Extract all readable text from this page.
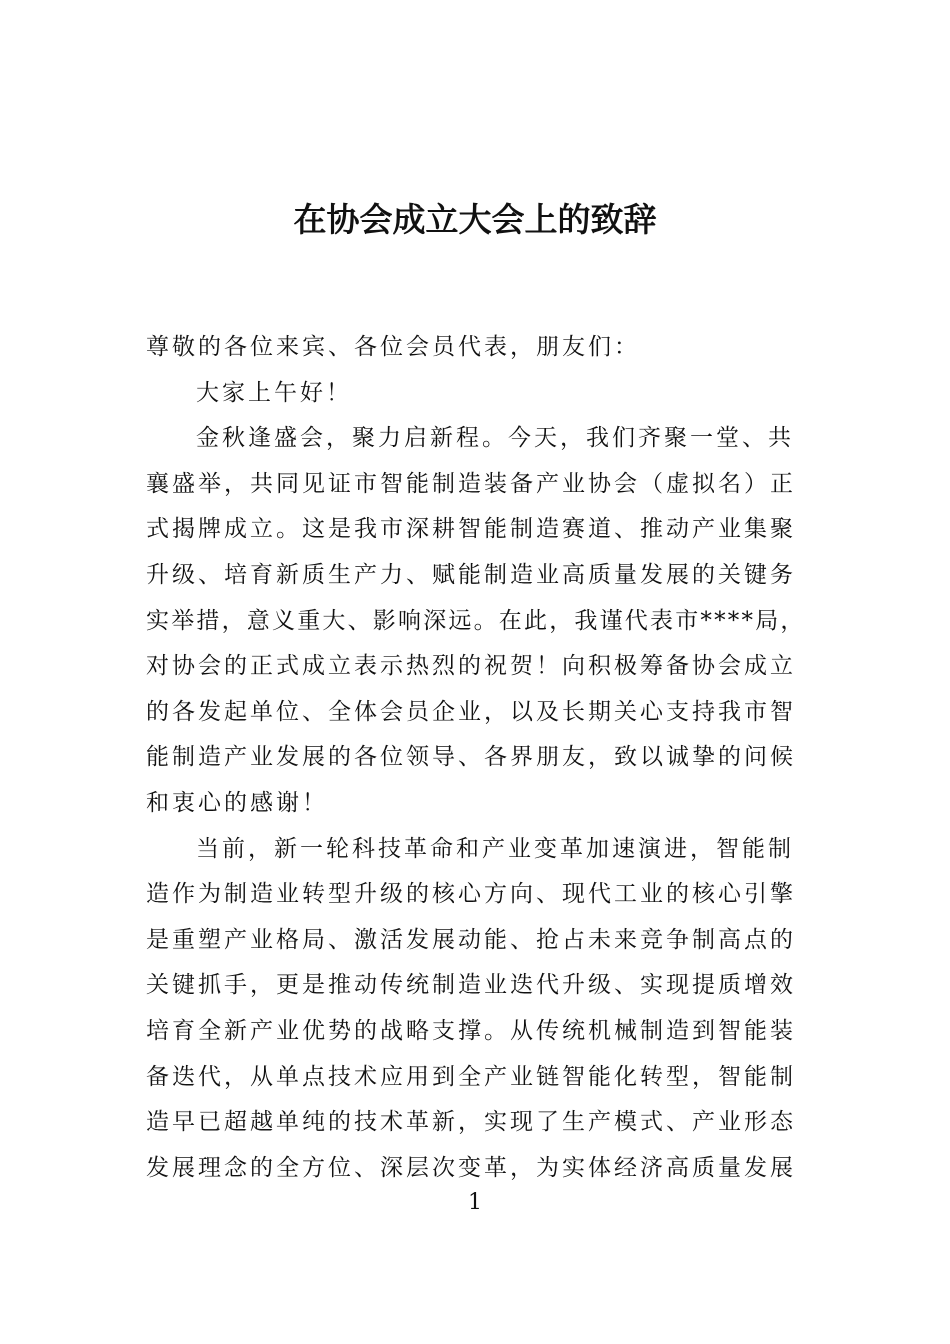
在协会成立大会上的致辞
尊敬的各位来宾、各位会员代表，朋友们：
大家上午好！
金秋逢盛会，聚力启新程。今天，我们齐聚一堂、共
襄盛举，共同见证市智能制造装备产业协会（虚拟名）正
式揭牌成立。这是我市深耕智能制造赛道、推动产业集聚
升级、培育新质生产力、赋能制造业高质量发展的关键务
实举措，意义重大、影响深远。在此，我谨代表市****局，
对协会的正式成立表示热烈的祝贺！向积极筹备协会成立
的各发起单位、全体会员企业，以及长期关心支持我市智
能制造产业发展的各位领导、各界朋友，致以诚挚的问候
和衷心的感谢！
当前，新一轮科技革命和产业变革加速演进，智能制
造作为制造业转型升级的核心方向、现代工业的核心引擎
是重塑产业格局、激活发展动能、抢占未来竞争制高点的
关键抓手，更是推动传统制造业迭代升级、实现提质增效
培育全新产业优势的战略支撑。从传统机械制造到智能装
备迭代，从单点技术应用到全产业链智能化转型，智能制
造早已超越单纯的技术革新，实现了生产模式、产业形态
发展理念的全方位、深层次变革，为实体经济高质量发展
1
